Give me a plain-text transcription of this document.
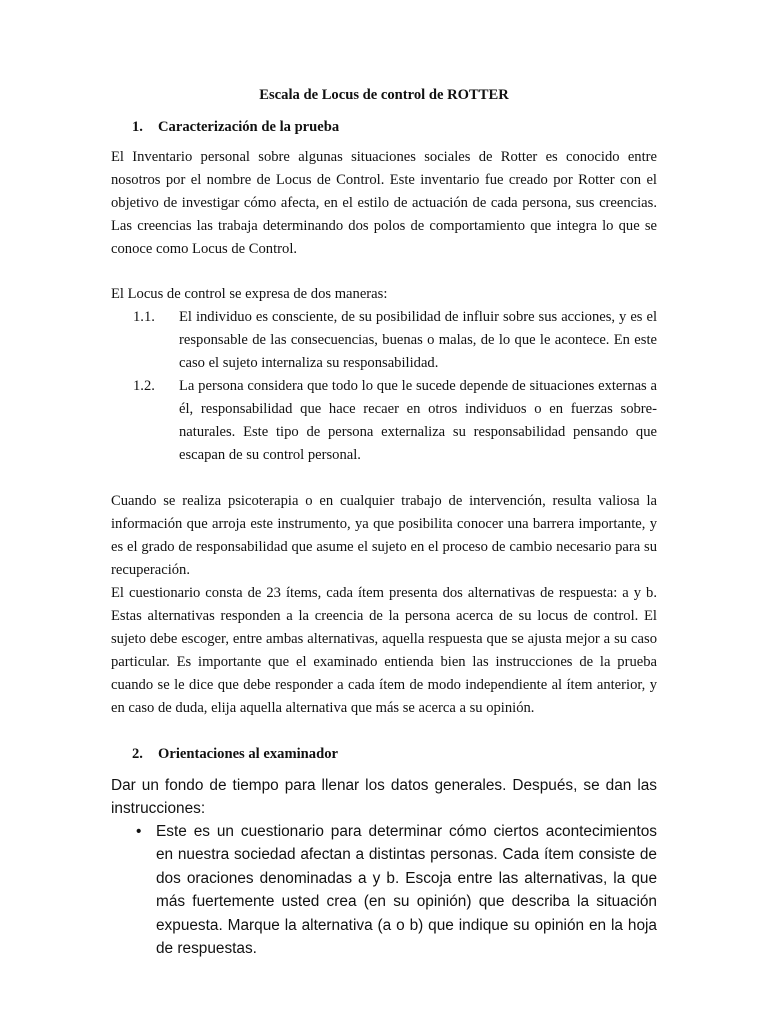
Escala de Locus de control de ROTTER
1. Caracterización de la prueba

El Inventario personal sobre algunas situaciones sociales de Rotter es conocido entre nosotros por el nombre de Locus de Control. Este inventario fue creado por Rotter con el objetivo de investigar cómo afecta, en el estilo de actuación de cada persona, sus creencias. Las creencias las trabaja determinando dos polos de comportamiento que integra lo que se conoce como Locus de Control.

El Locus de control se expresa de dos maneras:

1.1. El individuo es consciente, de su posibilidad de influir sobre sus acciones, y es el responsable de las consecuencias, buenas o malas, de lo que le acontece. En este caso el sujeto internaliza su responsabilidad.

1.2. La persona considera que todo lo que le sucede depende de situaciones externas a él, responsabilidad que hace recaer en otros individuos o en fuerzas sobre-naturales. Este tipo de persona externaliza su responsabilidad pensando que escapan de su control personal.

Cuando se realiza psicoterapia o en cualquier trabajo de intervención, resulta valiosa la información que arroja este instrumento, ya que posibilita conocer una barrera importante, y es el grado de responsabilidad que asume el sujeto en el proceso de cambio necesario para su recuperación.

El cuestionario consta de 23 ítems, cada ítem presenta dos alternativas de respuesta: a y b. Estas alternativas responden a la creencia de la persona acerca de su locus de control. El sujeto debe escoger, entre ambas alternativas, aquella respuesta que se ajusta mejor a su caso particular. Es importante que el examinado entienda bien las instrucciones de la prueba cuando se le dice que debe responder a cada ítem de modo independiente al ítem anterior, y en caso de duda, elija aquella alternativa que más se acerca a su opinión.

2. Orientaciones al examinador

Dar un fondo de tiempo para llenar los datos generales. Después, se dan las instrucciones:

• Este es un cuestionario para determinar cómo ciertos acontecimientos en nuestra sociedad afectan a distintas personas. Cada ítem consiste de dos oraciones denominadas a y b. Escoja entre las alternativas, la que más fuertemente usted crea (en su opinión) que describa la situación expuesta. Marque la alternativa (a o b) que indique su opinión en la hoja de respuestas.
